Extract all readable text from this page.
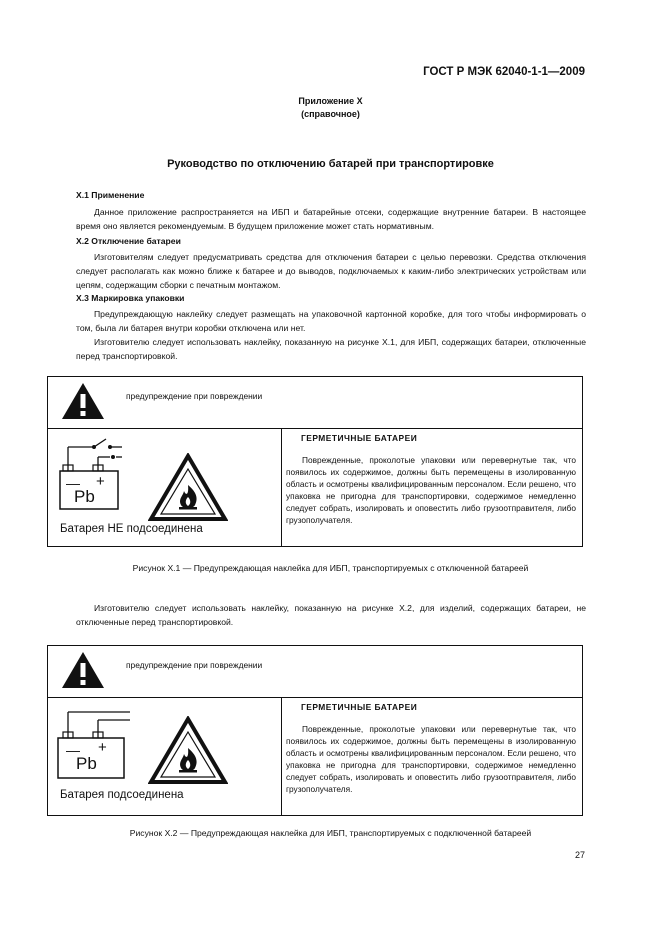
ГОСТ Р МЭК 62040-1-1—2009
Приложение X
(справочное)
Руководство по отключению батарей при транспортировке
X.1 Применение
Данное приложение распространяется на ИБП и батарейные отсеки, содержащие внутренние батареи. В настоящее время оно является рекомендуемым. В будущем приложение может стать нормативным.
X.2 Отключение батареи
Изготовителям следует предусматривать средства для отключения батареи с целью перевозки. Средства отключения следует располагать как можно ближе к батарее и до выводов, подключаемых к каким-либо электрических устройствам или цепям, содержащим сборки с печатным монтажом.
X.3 Маркировка упаковки
Предупреждающую наклейку следует размещать на упаковочной картонной коробке, для того чтобы информировать о том, была ли батарея внутри коробки отключена или нет.
Изготовителю следует использовать наклейку, показанную на рисунке X.1, для ИБП, содержащих батареи, отключенные перед транспортировкой.
предупреждение при повреждении
— +
Pb
Батарея НЕ подсоединена
ГЕРМЕТИЧНЫЕ БАТАРЕИ
Поврежденные, проколотые упаковки или перевернутые так, что появилось их содержимое, должны быть перемещены в изолированную область и осмотрены квалифицированным персоналом. Если решено, что упаковка не пригодна для транспортировки, содержимое немедленно следует собрать, изолировать и оповестить либо грузоотправителя, либо грузополучателя.
Рисунок X.1 — Предупреждающая наклейка для ИБП, транспортируемых с отключенной батареей
Изготовителю следует использовать наклейку, показанную на рисунке X.2, для изделий, содержащих батареи, не отключенные перед транспортировкой.
предупреждение при повреждении
— +
Pb
Батарея подсоединена
ГЕРМЕТИЧНЫЕ БАТАРЕИ
Поврежденные, проколотые упаковки или перевернутые так, что появилось их содержимое, должны быть перемещены в изолированную область и осмотрены квалифицированным персоналом. Если решено, что упаковка не пригодна для транспортировки, содержимое немедленно следует собрать, изолировать и оповестить либо грузоотправителя, либо грузополучателя.
Рисунок X.2 — Предупреждающая наклейка для ИБП, транспортируемых с подключенной батареей
27
